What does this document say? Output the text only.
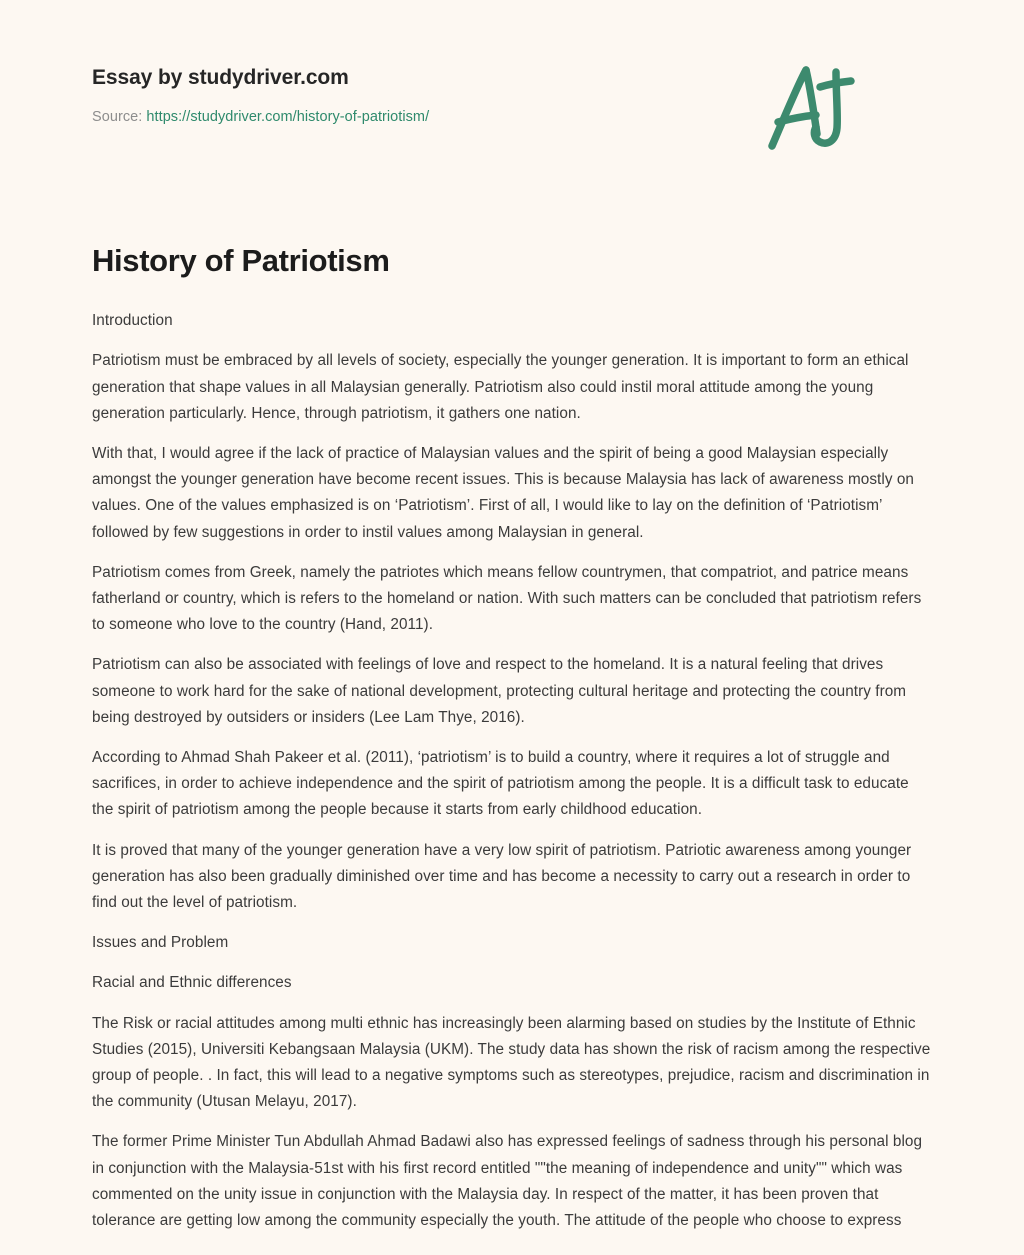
Essay by studydriver.com
Source: https://studydriver.com/history-of-patriotism/
History of Patriotism

Introduction

Patriotism must be embraced by all levels of society, especially the younger generation. It is important to form an ethical generation that shape values in all Malaysian generally. Patriotism also could instil moral attitude among the young generation particularly. Hence, through patriotism, it gathers one nation.

With that, I would agree if the lack of practice of Malaysian values and the spirit of being a good Malaysian especially amongst the younger generation have become recent issues. This is because Malaysia has lack of awareness mostly on values. One of the values emphasized is on ‘Patriotism’. First of all, I would like to lay on the definition of ‘Patriotism’ followed by few suggestions in order to instil values among Malaysian in general.

Patriotism comes from Greek, namely the patriotes which means fellow countrymen, that compatriot, and patrice means fatherland or country, which is refers to the homeland or nation. With such matters can be concluded that patriotism refers to someone who love to the country (Hand, 2011).

Patriotism can also be associated with feelings of love and respect to the homeland. It is a natural feeling that drives someone to work hard for the sake of national development, protecting cultural heritage and protecting the country from being destroyed by outsiders or insiders (Lee Lam Thye, 2016).

According to Ahmad Shah Pakeer et al. (2011), ‘patriotism’ is to build a country, where it requires a lot of struggle and sacrifices, in order to achieve independence and the spirit of patriotism among the people. It is a difficult task to educate the spirit of patriotism among the people because it starts from early childhood education.

It is proved that many of the younger generation have a very low spirit of patriotism. Patriotic awareness among younger generation has also been gradually diminished over time and has become a necessity to carry out a research in order to find out the level of patriotism.

Issues and Problem

Racial and Ethnic differences

The Risk or racial attitudes among multi ethnic has increasingly been alarming based on studies by the Institute of Ethnic Studies (2015), Universiti Kebangsaan Malaysia (UKM). The study data has shown the risk of racism among the respective group of people. . In fact, this will lead to a negative symptoms such as stereotypes, prejudice, racism and discrimination in the community (Utusan Melayu, 2017).

The former Prime Minister Tun Abdullah Ahmad Badawi also has expressed feelings of sadness through his personal blog in conjunction with the Malaysia-51st with his first record entitled ""the meaning of independence and unity"" which was commented on the unity issue in conjunction with the Malaysia day. In respect of the matter, it has been proven that tolerance are getting low among the community especially the youth. The attitude of the people who choose to express
